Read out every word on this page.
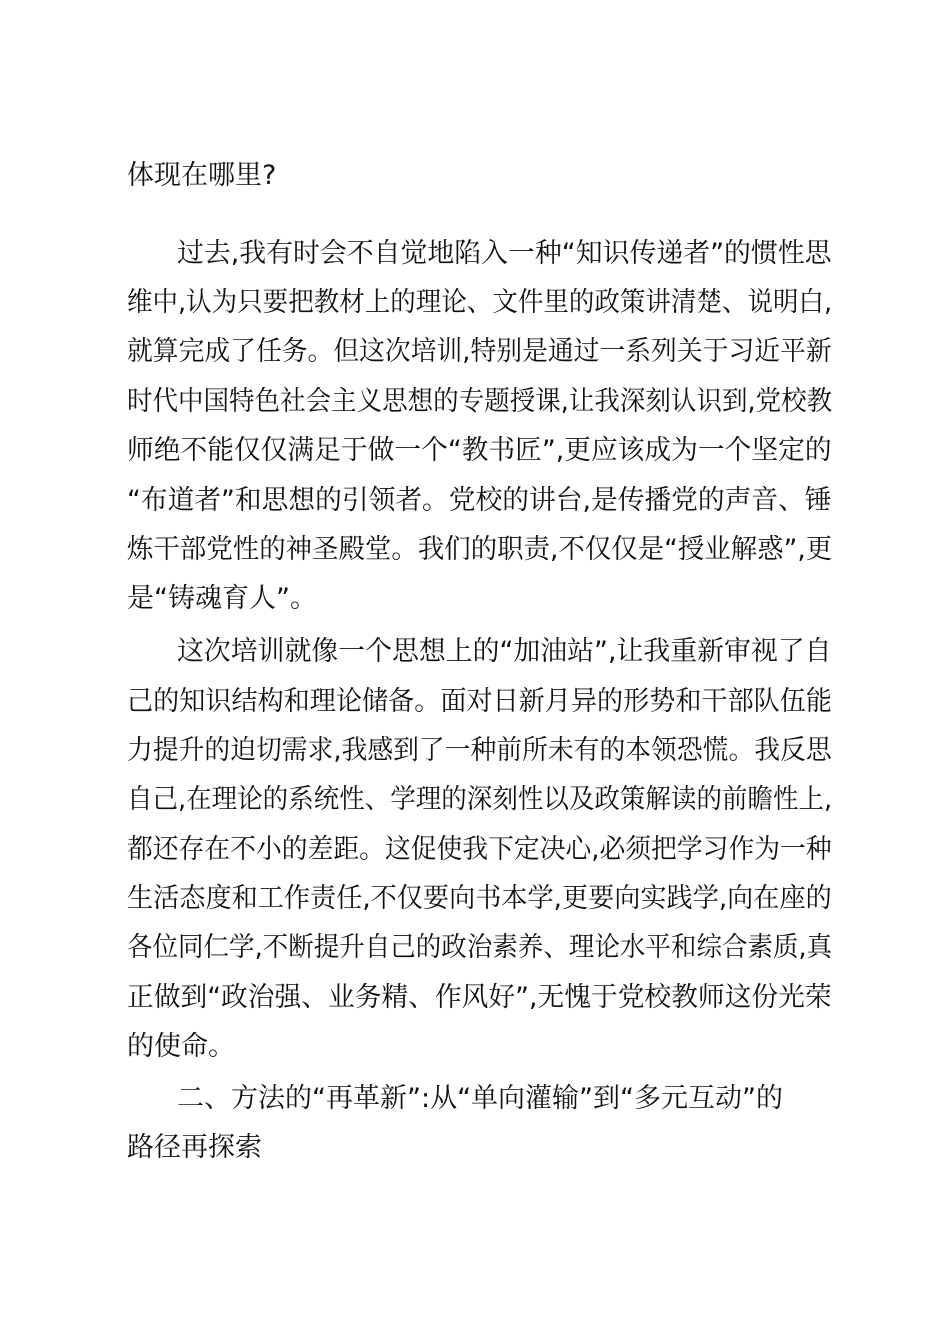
体现在哪里?
过去,我有时会不自觉地陷入一种“知识传递者”的惯性思
维中,认为只要把教材上的理论、文件里的政策讲清楚、说明白,
就算完成了任务。但这次培训,特别是通过一系列关于习近平新
时代中国特色社会主义思想的专题授课,让我深刻认识到,党校教
师绝不能仅仅满足于做一个“教书匠”,更应该成为一个坚定的
“布道者”和思想的引领者。党校的讲台,是传播党的声音、锤
炼干部党性的神圣殿堂。我们的职责,不仅仅是“授业解惑”,更
是“铸魂育人”。
这次培训就像一个思想上的“加油站”,让我重新审视了自
己的知识结构和理论储备。面对日新月异的形势和干部队伍能
力提升的迫切需求,我感到了一种前所未有的本领恐慌。我反思
自己,在理论的系统性、学理的深刻性以及政策解读的前瞻性上,
都还存在不小的差距。这促使我下定决心,必须把学习作为一种
生活态度和工作责任,不仅要向书本学,更要向实践学,向在座的
各位同仁学,不断提升自己的政治素养、理论水平和综合素质,真
正做到“政治强、业务精、作风好”,无愧于党校教师这份光荣
的使命。
二、方法的“再革新”:从“单向灌输”到“多元互动”的
路径再探索
